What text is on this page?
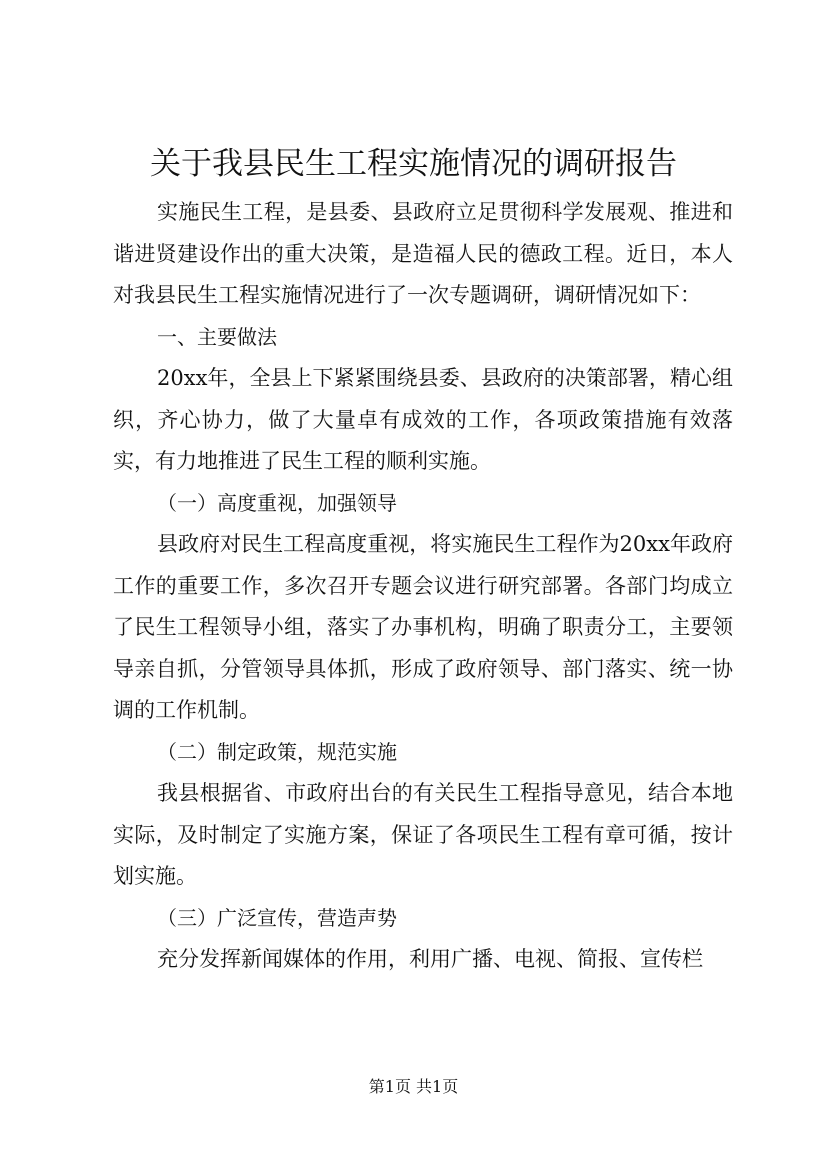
关于我县民生工程实施情况的调研报告

实施民生工程，是县委、县政府立足贯彻科学发展观、推进和谐进贤建设作出的重大决策，是造福人民的德政工程。近日，本人对我县民生工程实施情况进行了一次专题调研，调研情况如下：

一、主要做法

20xx年，全县上下紧紧围绕县委、县政府的决策部署，精心组织，齐心协力，做了大量卓有成效的工作，各项政策措施有效落实，有力地推进了民生工程的顺利实施。

（一）高度重视，加强领导

县政府对民生工程高度重视，将实施民生工程作为20xx年政府工作的重要工作，多次召开专题会议进行研究部署。各部门均成立了民生工程领导小组，落实了办事机构，明确了职责分工，主要领导亲自抓，分管领导具体抓，形成了政府领导、部门落实、统一协调的工作机制。

（二）制定政策，规范实施

我县根据省、市政府出台的有关民生工程指导意见，结合本地实际，及时制定了实施方案，保证了各项民生工程有章可循，按计划实施。

（三）广泛宣传，营造声势

充分发挥新闻媒体的作用，利用广播、电视、简报、宣传栏

第1页 共1页
